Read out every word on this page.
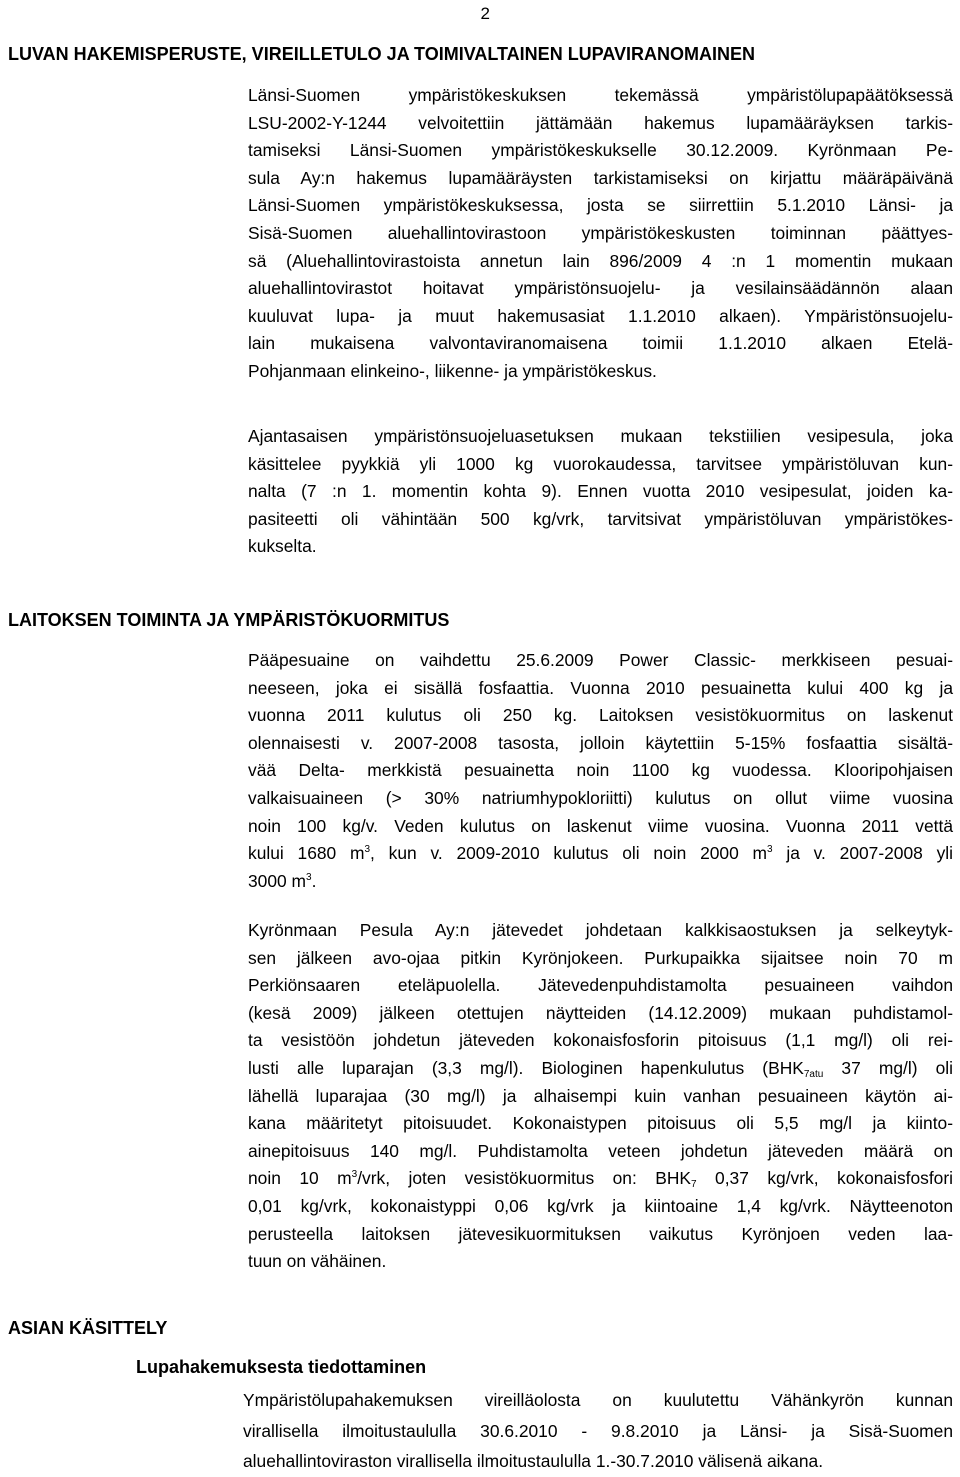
2
LUVAN HAKEMISPERUSTE, VIREILLETULO JA TOIMIVALTAINEN LUPAVIRANOMAINEN
Länsi-Suomen ympäristökeskuksen tekemässä ympäristölupapäätöksessä
LSU-2002-Y-1244 velvoitettiin jättämään hakemus lupamääräyksen tarkis-
tamiseksi Länsi-Suomen ympäristökeskukselle 30.12.2009. Kyrönmaan Pe-
sula Ay:n hakemus lupamääräysten tarkistamiseksi on kirjattu määräpäivänä
Länsi-Suomen ympäristökeskuksessa, josta se siirrettiin 5.1.2010 Länsi- ja
Sisä-Suomen aluehallintovirastoon ympäristökeskusten toiminnan päättyes-
sä (Aluehallintovirastoista annetun lain 896/2009 4 :n 1 momentin mukaan
aluehallintovirastot hoitavat ympäristönsuojelu- ja vesilainsäädännön alaan
kuuluvat lupa- ja muut hakemusasiat 1.1.2010 alkaen). Ympäristönsuojelu-
lain mukaisena valvontaviranomaisena toimii 1.1.2010 alkaen Etelä-
Pohjanmaan elinkeino-, liikenne- ja ympäristökeskus.
Ajantasaisen ympäristönsuojeluasetuksen mukaan tekstiilien vesipesula, joka
käsittelee pyykkiä yli 1000 kg vuorokaudessa, tarvitsee ympäristöluvan kun-
nalta (7 :n 1. momentin kohta 9). Ennen vuotta 2010 vesipesulat, joiden ka-
pasiteetti oli vähintään 500 kg/vrk, tarvitsivat ympäristöluvan ympäristökes-
kukselta.
LAITOKSEN TOIMINTA JA YMPÄRISTÖKUORMITUS
Pääpesuaine on vaihdettu 25.6.2009 Power Classic- merkkiseen pesuai-
neeseen, joka ei sisällä fosfaattia. Vuonna 2010 pesuainetta kului 400 kg ja
vuonna 2011 kulutus oli 250 kg. Laitoksen vesistökuormitus on laskenut
olennaisesti v. 2007-2008 tasosta, jolloin käytettiin 5-15% fosfaattia sisältä-
vää Delta- merkkistä pesuainetta noin 1100 kg vuodessa. Klooripohjaisen
valkaisuaineen (> 30% natriumhypokloriitti) kulutus on ollut viime vuosina
noin 100 kg/v. Veden kulutus on laskenut viime vuosina. Vuonna 2011 vettä
kului 1680 $m^3$, kun v. 2009-2010 kulutus oli noin 2000 $m^3$ ja v. 2007-2008 yli
3000 $m^3$.
Kyrönmaan Pesula Ay:n jätevedet johdetaan kalkkisaostuksen ja selkeytyk-
sen jälkeen avo-ojaa pitkin Kyrönjokeen. Purkupaikka sijaitsee noin 70 m
Perkiönsaaren eteläpuolella. Jätevedenpuhdistamolta pesuaineen vaihdon
(kesä 2009) jälkeen otettujen näytteiden (14.12.2009) mukaan puhdistamol-
ta vesistöön johdetun jäteveden kokonaisfosforin pitoisuus (1,1 mg/l) oli rei-
lusti alle luparajan (3,3 mg/l). Biologinen hapenkulutus ($BHK_{7atu}$ 37 mg/l) oli
lähellä luparajaa (30 mg/l) ja alhaisempi kuin vanhan pesuaineen käytön ai-
kana määritetyt pitoisuudet. Kokonaistypen pitoisuus oli 5,5 mg/l ja kiinto-
ainepitoisuus 140 mg/l. Puhdistamolta veteen johdetun jäteveden määrä on
noin 10 $m^3$/vrk, joten vesistökuormitus on: $BHK_7$ 0,37 kg/vrk, kokonaisfosfori
0,01 kg/vrk, kokonaistyppi 0,06 kg/vrk ja kiintoaine 1,4 kg/vrk. Näytteenoton
perusteella laitoksen jätevesikuormituksen vaikutus Kyrönjoen veden laa-
tuun on vähäinen.
ASIAN KÄSITTELY
Lupahakemuksesta tiedottaminen
Ympäristölupahakemuksen vireilläolosta on kuulutettu Vähänkyrön kunnan
virallisella ilmoitustaululla 30.6.2010 - 9.8.2010 ja Länsi- ja Sisä-Suomen
aluehallintoviraston virallisella ilmoitustaululla 1.-30.7.2010 välisenä aikana.
